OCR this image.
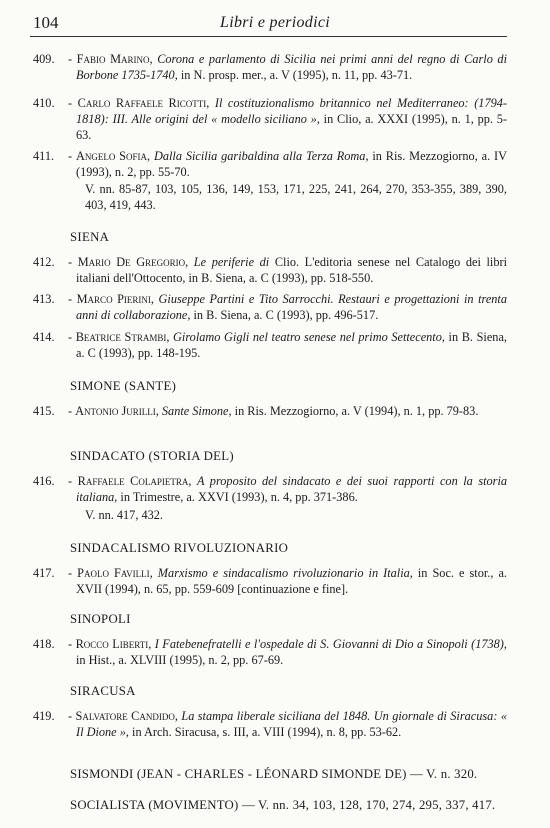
104	Libri e periodici
409.	- Fabio Marino, Corona e parlamento di Sicilia nei primi anni del regno di Carlo di Borbone 1735-1740, in N. prosp. mer., a. V (1995), n. 11, pp. 43-71.
410.	- Carlo Raffaele Ricotti, Il costituzionalismo britannico nel Mediterraneo: (1794-1818): III. Alle origini del « modello siciliano », in Clio, a. XXXI (1995), n. 1, pp. 5-63.
411.	- Angelo Sofia, Dalla Sicilia garibaldina alla Terza Roma, in Ris. Mezzogiorno, a. IV (1993), n. 2, pp. 55-70.
V. nn. 85-87, 103, 105, 136, 149, 153, 171, 225, 241, 264, 270, 353-355, 389, 390, 403, 419, 443.
SIENA
412.	- Mario De Gregorio, Le periferie di Clio. L'editoria senese nel Catalogo dei libri italiani dell'Ottocento, in B. Siena, a. C (1993), pp. 518-550.
413.	- Marco Pierini, Giuseppe Partini e Tito Sarrocchi. Restauri e progettazioni in trenta anni di collaborazione, in B. Siena, a. C (1993), pp. 496-517.
414.	- Beatrice Strambi, Girolamo Gigli nel teatro senese nel primo Settecento, in B. Siena, a. C (1993), pp. 148-195.
SIMONE (SANTE)
415.	- Antonio Jurilli, Sante Simone, in Ris. Mezzogiorno, a. V (1994), n. 1, pp. 79-83.
SINDACATO (STORIA DEL)
416.	- Raffaele Colapietra, A proposito del sindacato e dei suoi rapporti con la storia italiana, in Trimestre, a. XXVI (1993), n. 4, pp. 371-386.
V. nn. 417, 432.
SINDACALISMO RIVOLUZIONARIO
417.	- Paolo Favilli, Marxismo e sindacalismo rivoluzionario in Italia, in Soc. e stor., a. XVII (1994), n. 65, pp. 559-609 [continuazione e fine].
SINOPOLI
418.	- Rocco Liberti, I Fatebenefratelli e l'ospedale di S. Giovanni di Dio a Sinopoli (1738), in Hist., a. XLVIII (1995), n. 2, pp. 67-69.
SIRACUSA
419.	- Salvatore Candido, La stampa liberale siciliana del 1848. Un giornale di Siracusa: « Il Dione », in Arch. Siracusa, s. III, a. VIII (1994), n. 8, pp. 53-62.
SISMONDI (JEAN - CHARLES - LÉONARD SIMONDE DE) — V. n. 320.
SOCIALISTA (MOVIMENTO) — V. nn. 34, 103, 128, 170, 274, 295, 337, 417.
